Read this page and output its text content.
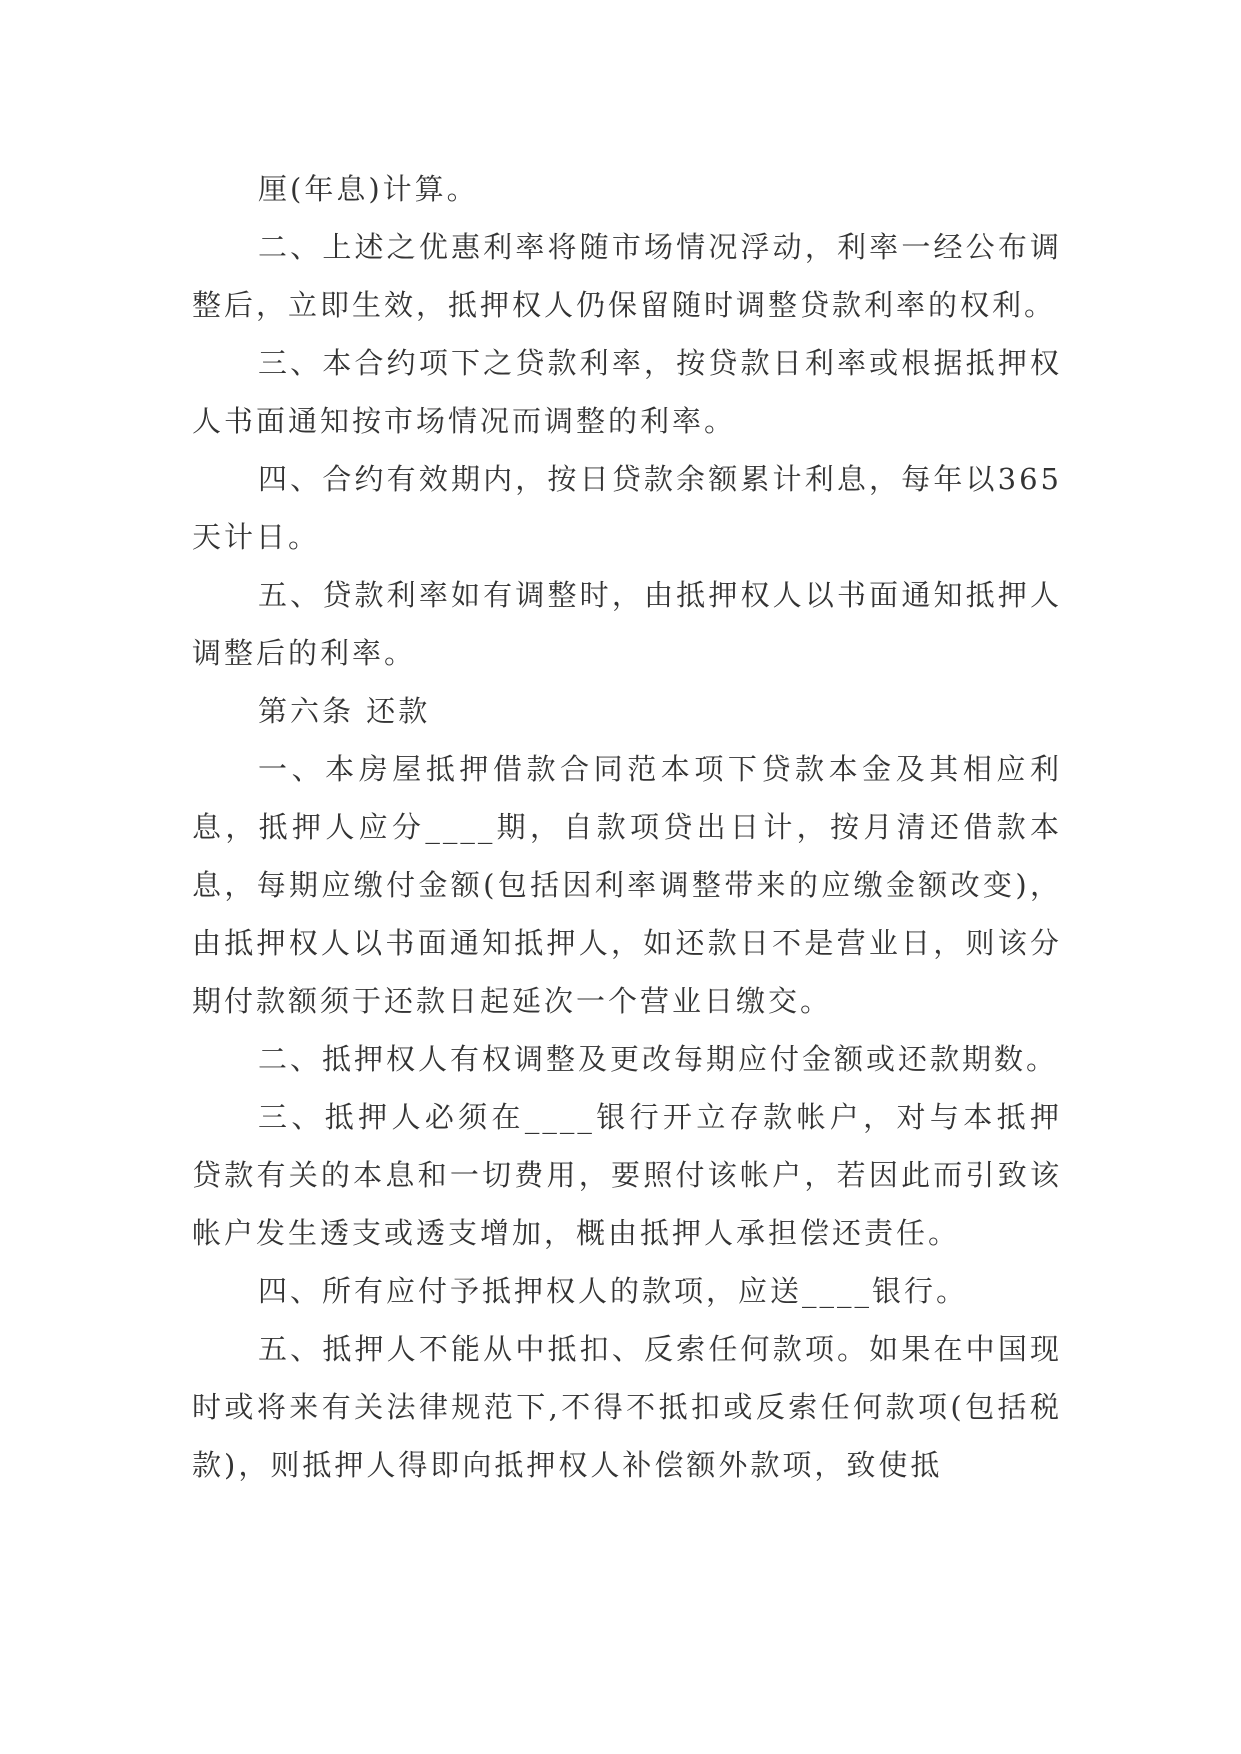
厘(年息)计算。

二、上述之优惠利率将随市场情况浮动，利率一经公布调整后，立即生效，抵押权人仍保留随时调整贷款利率的权利。

三、本合约项下之贷款利率，按贷款日利率或根据抵押权人书面通知按市场情况而调整的利率。

四、合约有效期内，按日贷款余额累计利息，每年以365天计日。

五、贷款利率如有调整时，由抵押权人以书面通知抵押人调整后的利率。

第六条 还款

一、本房屋抵押借款合同范本项下贷款本金及其相应利息，抵押人应分____期，自款项贷出日计，按月清还借款本息，每期应缴付金额(包括因利率调整带来的应缴金额改变)，由抵押权人以书面通知抵押人，如还款日不是营业日，则该分期付款额须于还款日起延次一个营业日缴交。

二、抵押权人有权调整及更改每期应付金额或还款期数。

三、抵押人必须在____银行开立存款帐户，对与本抵押贷款有关的本息和一切费用，要照付该帐户，若因此而引致该帐户发生透支或透支增加，概由抵押人承担偿还责任。

四、所有应付予抵押权人的款项，应送____银行。

五、抵押人不能从中抵扣、反索任何款项。如果在中国现时或将来有关法律规范下,不得不抵扣或反索任何款项(包括税款)，则抵押人得即向抵押权人补偿额外款项，致使抵
